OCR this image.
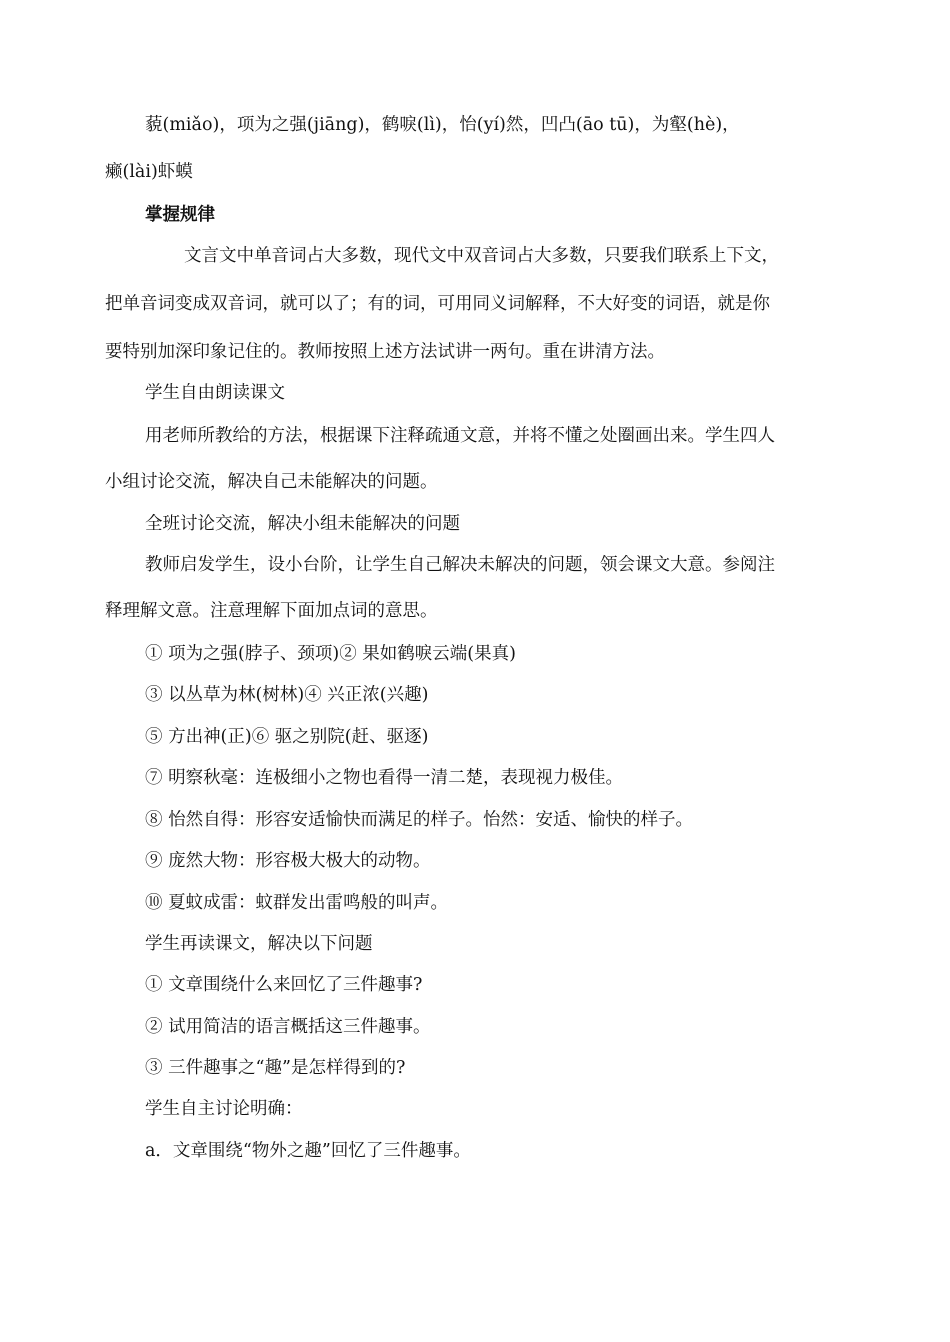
藐(miǎo)，项为之强(jiāng)，鹤唳(lì)，怡(yí)然，凹凸(āo tū)，为壑(hè)，
癞(lài)虾蟆
掌握规律
文言文中单音词占大多数，现代文中双音词占大多数，只要我们联系上下文，
把单音词变成双音词，就可以了；有的词，可用同义词解释，不大好变的词语，就是你
要特别加深印象记住的。教师按照上述方法试讲一两句。重在讲清方法。
学生自由朗读课文
用老师所教给的方法，根据课下注释疏通文意，并将不懂之处圈画出来。学生四人
小组讨论交流，解决自己未能解决的问题。
全班讨论交流，解决小组未能解决的问题
教师启发学生，设小台阶，让学生自己解决未解决的问题，领会课文大意。参阅注
释理解文意。注意理解下面加点词的意思。
① 项为之强(脖子、颈项)② 果如鹤唳云端(果真)
③ 以丛草为林(树林)④ 兴正浓(兴趣)
⑤ 方出神(正)⑥ 驱之别院(赶、驱逐)
⑦ 明察秋毫：连极细小之物也看得一清二楚，表现视力极佳。
⑧ 怡然自得：形容安适愉快而满足的样子。怡然：安适、愉快的样子。
⑨ 庞然大物：形容极大极大的动物。
⑩ 夏蚊成雷：蚊群发出雷鸣般的叫声。
学生再读课文，解决以下问题
① 文章围绕什么来回忆了三件趣事?
② 试用简洁的语言概括这三件趣事。
③ 三件趣事之“趣”是怎样得到的?
学生自主讨论明确：
a．文章围绕“物外之趣”回忆了三件趣事。
